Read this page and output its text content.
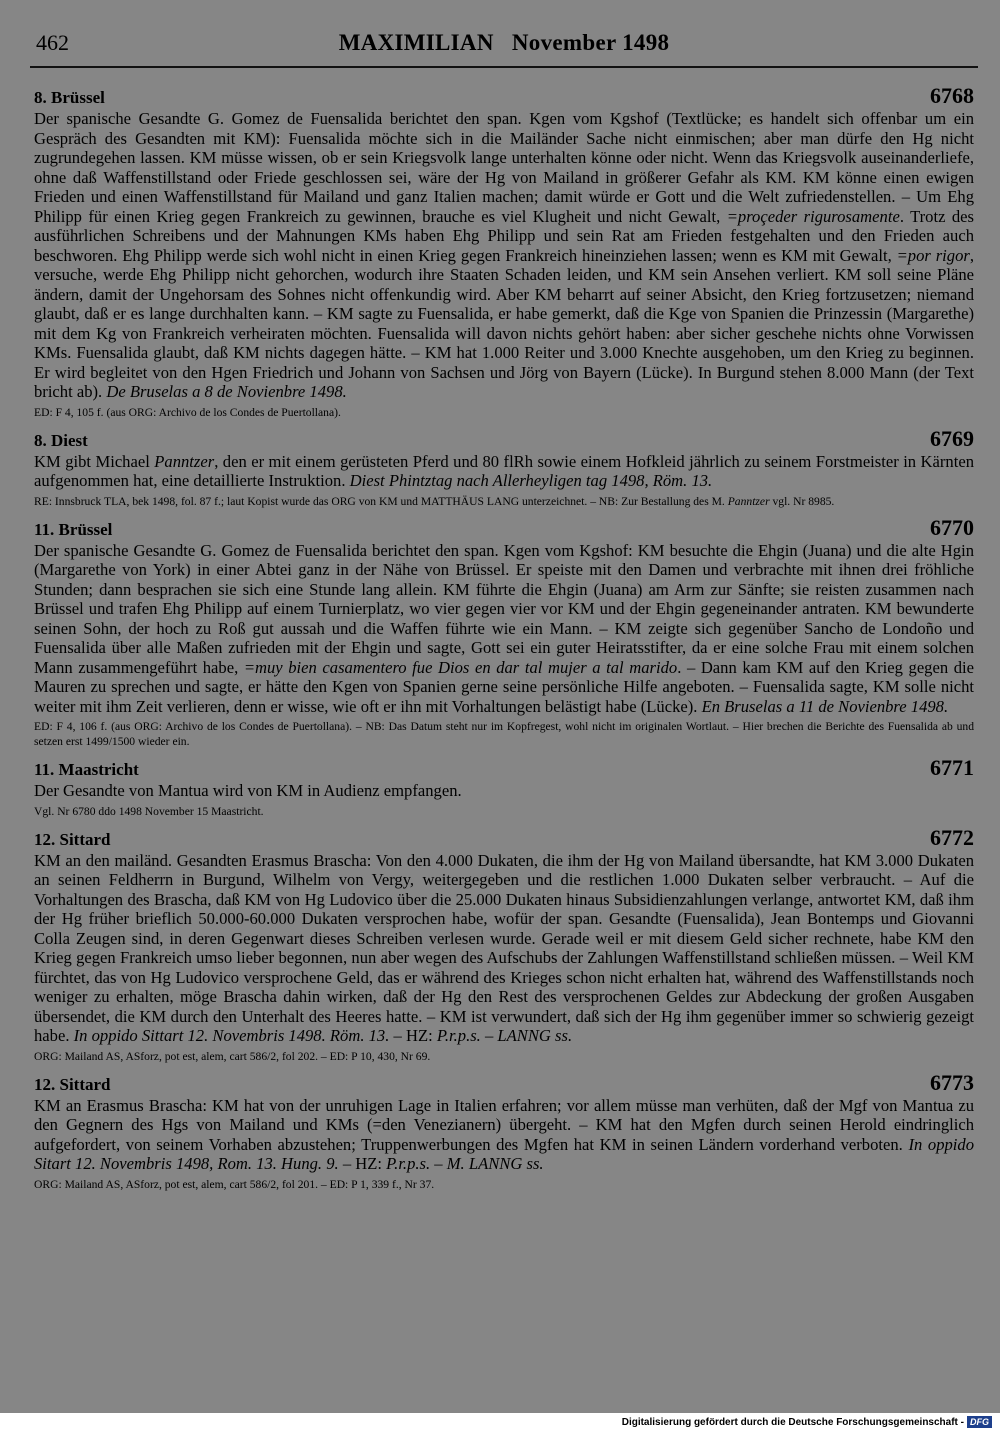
462	MAXIMILIAN   November 1498
8. Brüssel	6768
Der spanische Gesandte G. Gomez de Fuensalida berichtet den span. Kgen vom Kgshof (Textlücke; es handelt sich offenbar um ein Gespräch des Gesandten mit KM): Fuensalida möchte sich in die Mailänder Sache nicht einmischen; aber man dürfe den Hg nicht zugrundegehen lassen. KM müsse wissen, ob er sein Kriegsvolk lange unterhalten könne oder nicht. Wenn das Kriegsvolk auseinanderliefe, ohne daß Waffenstillstand oder Friede geschlossen sei, wäre der Hg von Mailand in größerer Gefahr als KM. KM könne einen ewigen Frieden und einen Waffenstillstand für Mailand und ganz Italien machen; damit würde er Gott und die Welt zufriedenstellen. – Um Ehg Philipp für einen Krieg gegen Frankreich zu gewinnen, brauche es viel Klugheit und nicht Gewalt, =proçeder rigurosamente. Trotz des ausführlichen Schreibens und der Mahnungen KMs haben Ehg Philipp und sein Rat am Frieden festgehalten und den Frieden auch beschworen. Ehg Philipp werde sich wohl nicht in einen Krieg gegen Frankreich hineinziehen lassen; wenn es KM mit Gewalt, =por rigor, versuche, werde Ehg Philipp nicht gehorchen, wodurch ihre Staaten Schaden leiden, und KM sein Ansehen verliert. KM soll seine Pläne ändern, damit der Ungehorsam des Sohnes nicht offenkundig wird. Aber KM beharrt auf seiner Absicht, den Krieg fortzusetzen; niemand glaubt, daß er es lange durchhalten kann. – KM sagte zu Fuensalida, er habe gemerkt, daß die Kge von Spanien die Prinzessin (Margarethe) mit dem Kg von Frankreich verheiraten möchten. Fuensalida will davon nichts gehört haben: aber sicher geschehe nichts ohne Vorwissen KMs. Fuensalida glaubt, daß KM nichts dagegen hätte. – KM hat 1.000 Reiter und 3.000 Knechte ausgehoben, um den Krieg zu beginnen. Er wird begleitet von den Hgen Friedrich und Johann von Sachsen und Jörg von Bayern (Lücke). In Burgund stehen 8.000 Mann (der Text bricht ab). De Bruselas a 8 de Novienbre 1498.
ED: F 4, 105 f. (aus ORG: Archivo de los Condes de Puertollana).
8. Diest	6769
KM gibt Michael Panntzer, den er mit einem gerüsteten Pferd und 80 flRh sowie einem Hofkleid jährlich zu seinem Forstmeister in Kärnten aufgenommen hat, eine detaillierte Instruktion. Diest Phintztag nach Allerheyligen tag 1498, Röm. 13.
RE: Innsbruck TLA, bek 1498, fol. 87 f.; laut Kopist wurde das ORG von KM und MATTHÄUS LANG unterzeichnet. – NB: Zur Bestallung des M. Panntzer vgl. Nr 8985.
11. Brüssel	6770
Der spanische Gesandte G. Gomez de Fuensalida berichtet den span. Kgen vom Kgshof: KM besuchte die Ehgin (Juana) und die alte Hgin (Margarethe von York) in einer Abtei ganz in der Nähe von Brüssel. Er speiste mit den Damen und verbrachte mit ihnen drei fröhliche Stunden; dann besprachen sie sich eine Stunde lang allein. KM führte die Ehgin (Juana) am Arm zur Sänfte; sie reisten zusammen nach Brüssel und trafen Ehg Philipp auf einem Turnierplatz, wo vier gegen vier vor KM und der Ehgin gegeneinander antraten. KM bewunderte seinen Sohn, der hoch zu Roß gut aussah und die Waffen führte wie ein Mann. – KM zeigte sich gegenüber Sancho de Londoño und Fuensalida über alle Maßen zufrieden mit der Ehgin und sagte, Gott sei ein guter Heiratsstifter, da er eine solche Frau mit einem solchen Mann zusammengeführt habe, =muy bien casamentero fue Dios en dar tal mujer a tal marido. – Dann kam KM auf den Krieg gegen die Mauren zu sprechen und sagte, er hätte den Kgen von Spanien gerne seine persönliche Hilfe angeboten. – Fuensalida sagte, KM solle nicht weiter mit ihm Zeit verlieren, denn er wisse, wie oft er ihn mit Vorhaltungen belästigt habe (Lücke). En Bruselas a 11 de Novienbre 1498.
ED: F 4, 106 f. (aus ORG: Archivo de los Condes de Puertollana). – NB: Das Datum steht nur im Kopfregest, wohl nicht im originalen Wortlaut. – Hier brechen die Berichte des Fuensalida ab und setzen erst 1499/1500 wieder ein.
11. Maastricht	6771
Der Gesandte von Mantua wird von KM in Audienz empfangen.
Vgl. Nr 6780 ddo 1498 November 15 Maastricht.
12. Sittard	6772
KM an den mailänd. Gesandten Erasmus Brascha: Von den 4.000 Dukaten, die ihm der Hg von Mailand übersandte, hat KM 3.000 Dukaten an seinen Feldherrn in Burgund, Wilhelm von Vergy, weitergegeben und die restlichen 1.000 Dukaten selber verbraucht. – Auf die Vorhaltungen des Brascha, daß KM von Hg Ludovico über die 25.000 Dukaten hinaus Subsidienzahlungen verlange, antwortet KM, daß ihm der Hg früher brieflich 50.000-60.000 Dukaten versprochen habe, wofür der span. Gesandte (Fuensalida), Jean Bontemps und Giovanni Colla Zeugen sind, in deren Gegenwart dieses Schreiben verlesen wurde. Gerade weil er mit diesem Geld sicher rechnete, habe KM den Krieg gegen Frankreich umso lieber begonnen, nun aber wegen des Aufschubs der Zahlungen Waffenstillstand schließen müssen. – Weil KM fürchtet, das von Hg Ludovico versprochene Geld, das er während des Krieges schon nicht erhalten hat, während des Waffenstillstands noch weniger zu erhalten, möge Brascha dahin wirken, daß der Hg den Rest des versprochenen Geldes zur Abdeckung der großen Ausgaben übersendet, die KM durch den Unterhalt des Heeres hatte. – KM ist verwundert, daß sich der Hg ihm gegenüber immer so schwierig gezeigt habe. In oppido Sittart 12. Novembris 1498. Röm. 13. – HZ: P.r.p.s. – LANNG ss.
ORG: Mailand AS, ASforz, pot est, alem, cart 586/2, fol 202. – ED: P 10, 430, Nr 69.
12. Sittard	6773
KM an Erasmus Brascha: KM hat von der unruhigen Lage in Italien erfahren; vor allem müsse man verhüten, daß der Mgf von Mantua zu den Gegnern des Hgs von Mailand und KMs (=den Venezianern) übergeht. – KM hat den Mgfen durch seinen Herold eindringlich aufgefordert, von seinem Vorhaben abzustehen; Truppenwerbungen des Mgfen hat KM in seinen Ländern vorderhand verboten. In oppido Sitart 12. Novembris 1498, Rom. 13. Hung. 9. – HZ: P.r.p.s. – M. LANNG ss.
ORG: Mailand AS, ASforz, pot est, alem, cart 586/2, fol 201. – ED: P 1, 339 f., Nr 37.
Digitalisierung gefördert durch die Deutsche Forschungsgemeinschaft - DFG
